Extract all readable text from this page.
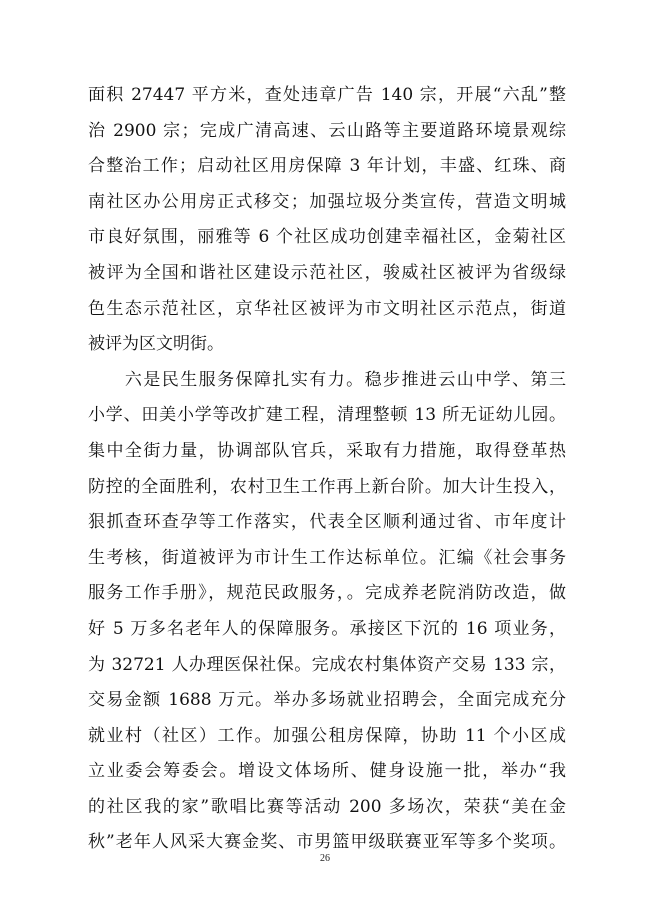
面积 27447 平方米，查处违章广告 140 宗，开展“六乱”整
治 2900 宗；完成广清高速、云山路等主要道路环境景观综
合整治工作；启动社区用房保障 3 年计划，丰盛、红珠、商
南社区办公用房正式移交；加强垃圾分类宣传，营造文明城
市良好氛围，丽雅等 6 个社区成功创建幸福社区，金菊社区
被评为全国和谐社区建设示范社区，骏威社区被评为省级绿
色生态示范社区，京华社区被评为市文明社区示范点，街道
被评为区文明街。
　　六是民生服务保障扎实有力。稳步推进云山中学、第三
小学、田美小学等改扩建工程，清理整顿 13 所无证幼儿园。
集中全街力量，协调部队官兵，采取有力措施，取得登革热
防控的全面胜利，农村卫生工作再上新台阶。加大计生投入，
狠抓查环查孕等工作落实，代表全区顺利通过省、市年度计
生考核，街道被评为市计生工作达标单位。汇编《社会事务
服务工作手册》，规范民政服务，。完成养老院消防改造，做
好 5 万多名老年人的保障服务。承接区下沉的 16 项业务，
为 32721 人办理医保社保。完成农村集体资产交易 133 宗，
交易金额 1688 万元。举办多场就业招聘会，全面完成充分
就业村（社区）工作。加强公租房保障，协助 11 个小区成
立业委会筹委会。增设文体场所、健身设施一批，举办“我
的社区我的家”歌唱比赛等活动 200 多场次，荣获“美在金
秋”老年人风采大赛金奖、市男篮甲级联赛亚军等多个奖项。
26
